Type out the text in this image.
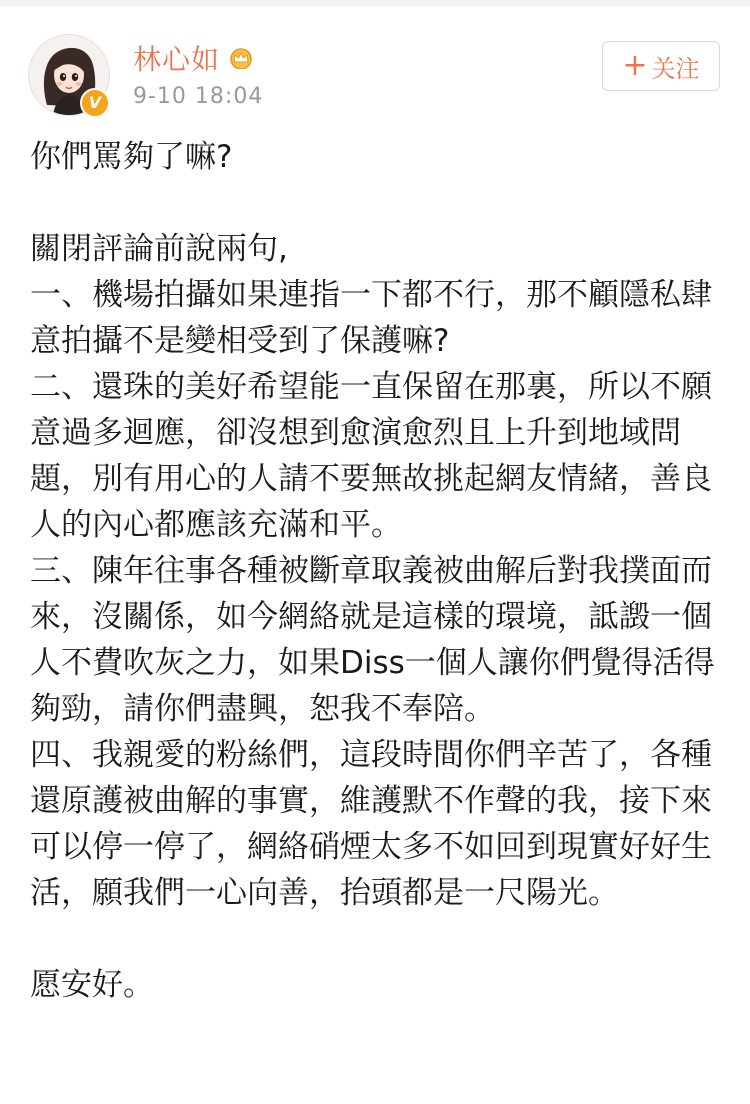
V
林心如
9-10 18:04
+ 关注

你們罵夠了嘛?

關閉評論前說兩句,

一、機場拍攝如果連指一下都不行，那不顧隱私肆意拍攝不是變相受到了保護嘛?

二、還珠的美好希望能一直保留在那裏，所以不願意過多迴應，卻沒想到愈演愈烈且上升到地域問題，別有用心的人請不要無故挑起網友情緒，善良人的內心都應該充滿和平。

三、陳年往事各種被斷章取義被曲解后對我撲面而來，沒關係，如今網絡就是這樣的環境，詆譭一個人不費吹灰之力，如果Diss一個人讓你們覺得活得夠勁，請你們盡興，恕我不奉陪。

四、我親愛的粉絲們，這段時間你們辛苦了，各種還原護被曲解的事實，維護默不作聲的我，接下來可以停一停了，網絡硝煙太多不如回到現實好好生活，願我們一心向善，抬頭都是一尺陽光。

愿安好。
